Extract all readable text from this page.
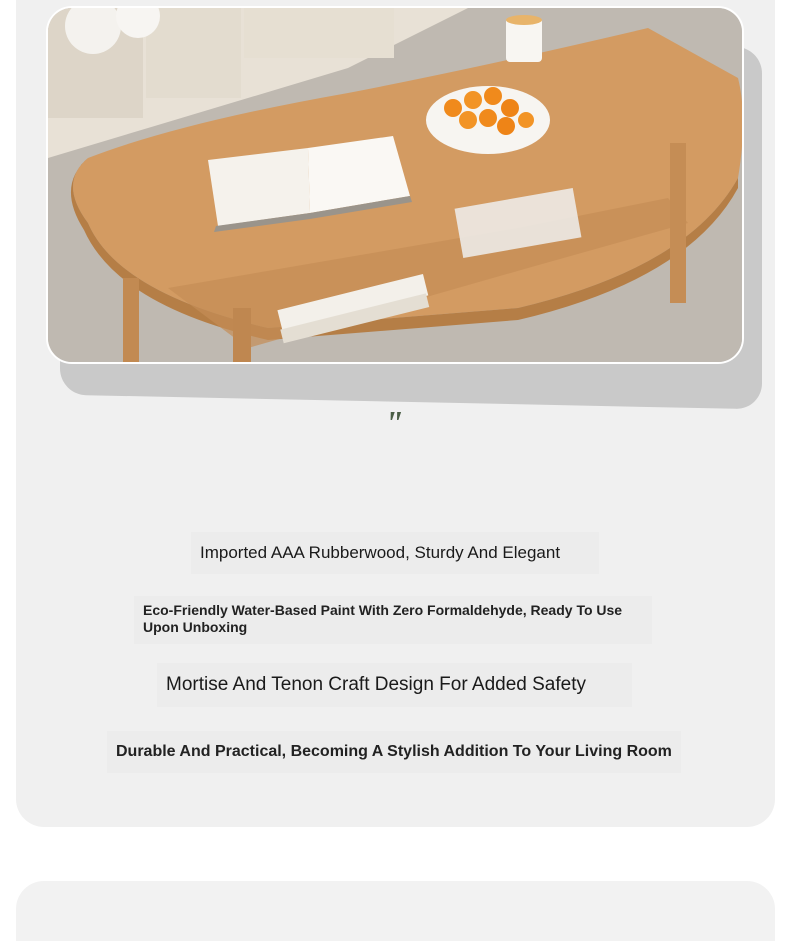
"
Imported AAA Rubberwood, Sturdy And Elegant
Eco-Friendly Water-Based Paint With Zero Formaldehyde, Ready To Use Upon Unboxing
Mortise And Tenon Craft Design For Added Safety
Durable And Practical, Becoming A Stylish Addition To Your Living Room
